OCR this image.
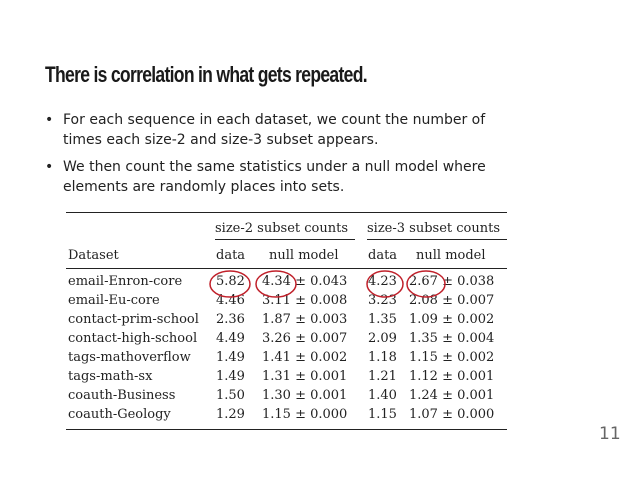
There is correlation in what gets repeated.
• For each sequence in each dataset, we count the number of times each size-2 and size-3 subset appears.
• We then count the same statistics under a null model where elements are randomly places into sets.
size-2 subset counts size-3 subset counts
Dataset	data null model data null model
email-Enron-core	5.82 4.34 ± 0.043 4.23 2.67 ± 0.038
email-Eu-core	4.46 3.11 ± 0.008 3.23 2.08 ± 0.007
contact-prim-school 2.36 1.87 ± 0.003 1.35 1.09 ± 0.002
contact-high-school 4.49 3.26 ± 0.007 2.09 1.35 ± 0.004
tags-mathoverflow 1.49 1.41 ± 0.002 1.18 1.15 ± 0.002
tags-math-sx	1.49 1.31 ± 0.001 1.21 1.12 ± 0.001
coauth-Business	1.50 1.30 ± 0.001 1.40 1.24 ± 0.001
coauth-Geology	1.29 1.15 ± 0.000 1.15 1.07 ± 0.000
11
